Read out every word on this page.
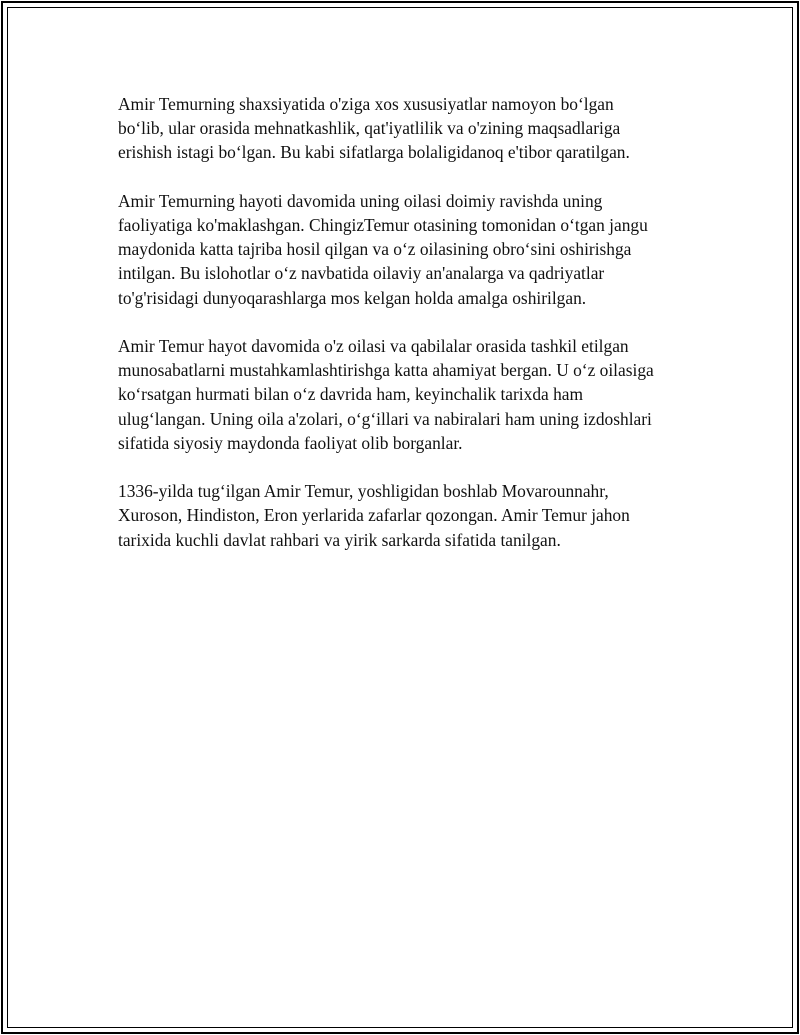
Amir Temurning shaxsiyatida o'ziga xos xususiyatlar namoyon bo‘lgan
bo‘lib, ular orasida mehnatkashlik, qat'iyatlilik va o'zining maqsadlariga
erishish istagi bo‘lgan. Bu kabi sifatlarga bolaligidanoq e'tibor qaratilgan.

Amir Temurning hayoti davomida uning oilasi doimiy ravishda uning
faoliyatiga ko'maklashgan. ChingizTemur otasining tomonidan o‘tgan jangu
maydonida katta tajriba hosil qilgan va o‘z oilasining obro‘sini oshirishga
intilgan. Bu islohotlar o‘z navbatida oilaviy an'analarga va qadriyatlar
to'g'risidagi dunyoqarashlarga mos kelgan holda amalga oshirilgan.

Amir Temur hayot davomida o'z oilasi va qabilalar orasida tashkil etilgan
munosabatlarni mustahkamlashtirishga katta ahamiyat bergan. U o‘z oilasiga
ko‘rsatgan hurmati bilan o‘z davrida ham, keyinchalik tarixda ham
ulug‘langan. Uning oila a'zolari, o‘g‘illari va nabiralari ham uning izdoshlari
sifatida siyosiy maydonda faoliyat olib borganlar.

1336-yilda tug‘ilgan Amir Temur, yoshligidan boshlab Movarounnahr,
Xuroson, Hindiston, Eron yerlarida zafarlar qozongan. Amir Temur jahon
tarixida kuchli davlat rahbari va yirik sarkarda sifatida tanilgan.
